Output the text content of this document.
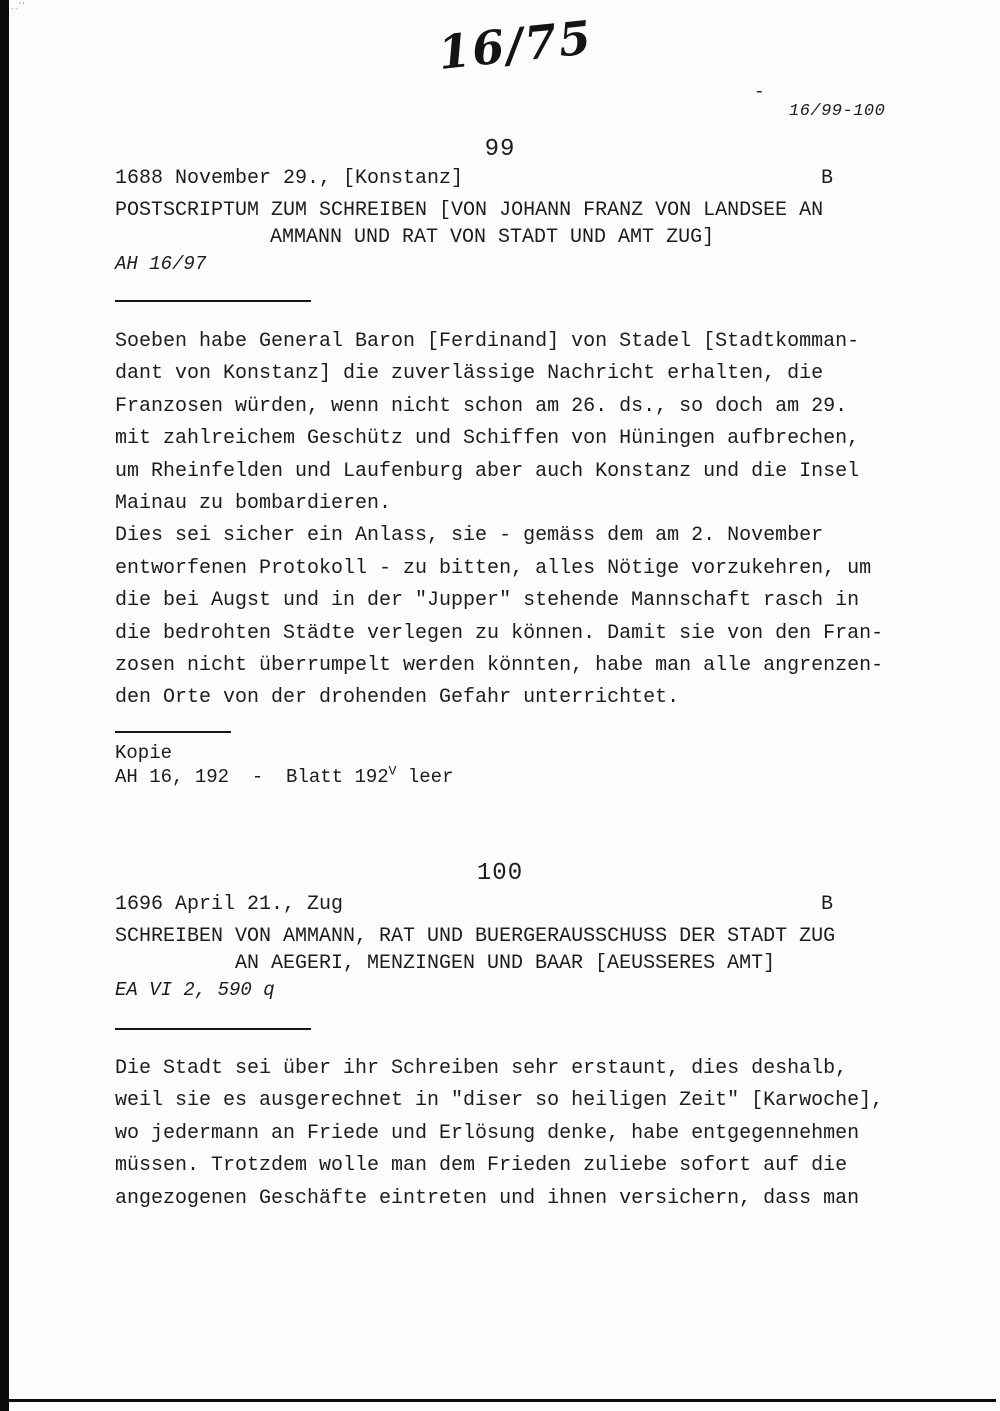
..''
16/75
-
16/99-100
99
1688 November 29., [Konstanz]	B
POSTSCRIPTUM ZUM SCHREIBEN [VON JOHANN FRANZ VON LANDSEE AN
AMMANN UND RAT VON STADT UND AMT ZUG]
AH 16/97
Soeben habe General Baron [Ferdinand] von Stadel [Stadtkomman-
dant von Konstanz] die zuverlässige Nachricht erhalten, die
Franzosen würden, wenn nicht schon am 26. ds., so doch am 29.
mit zahlreichem Geschütz und Schiffen von Hüningen aufbrechen,
um Rheinfelden und Laufenburg aber auch Konstanz und die Insel
Mainau zu bombardieren.
Dies sei sicher ein Anlass, sie - gemäss dem am 2. November
entworfenen Protokoll - zu bitten, alles Nötige vorzukehren, um
die bei Augst und in der "Jupper" stehende Mannschaft rasch in
die bedrohten Städte verlegen zu können. Damit sie von den Fran-
zosen nicht überrumpelt werden könnten, habe man alle angrenzen-
den Orte von der drohenden Gefahr unterrichtet.
Kopie
AH 16, 192  -  Blatt $192^V$ leer
100
1696 April 21., Zug	B
SCHREIBEN VON AMMANN, RAT UND BUERGERAUSSCHUSS DER STADT ZUG
AN AEGERI, MENZINGEN UND BAAR [AEUSSERES AMT]
EA VI 2, 590 q
Die Stadt sei über ihr Schreiben sehr erstaunt, dies deshalb,
weil sie es ausgerechnet in "diser so heiligen Zeit" [Karwoche],
wo jedermann an Friede und Erlösung denke, habe entgegennehmen
müssen. Trotzdem wolle man dem Frieden zuliebe sofort auf die
angezogenen Geschäfte eintreten und ihnen versichern, dass man
